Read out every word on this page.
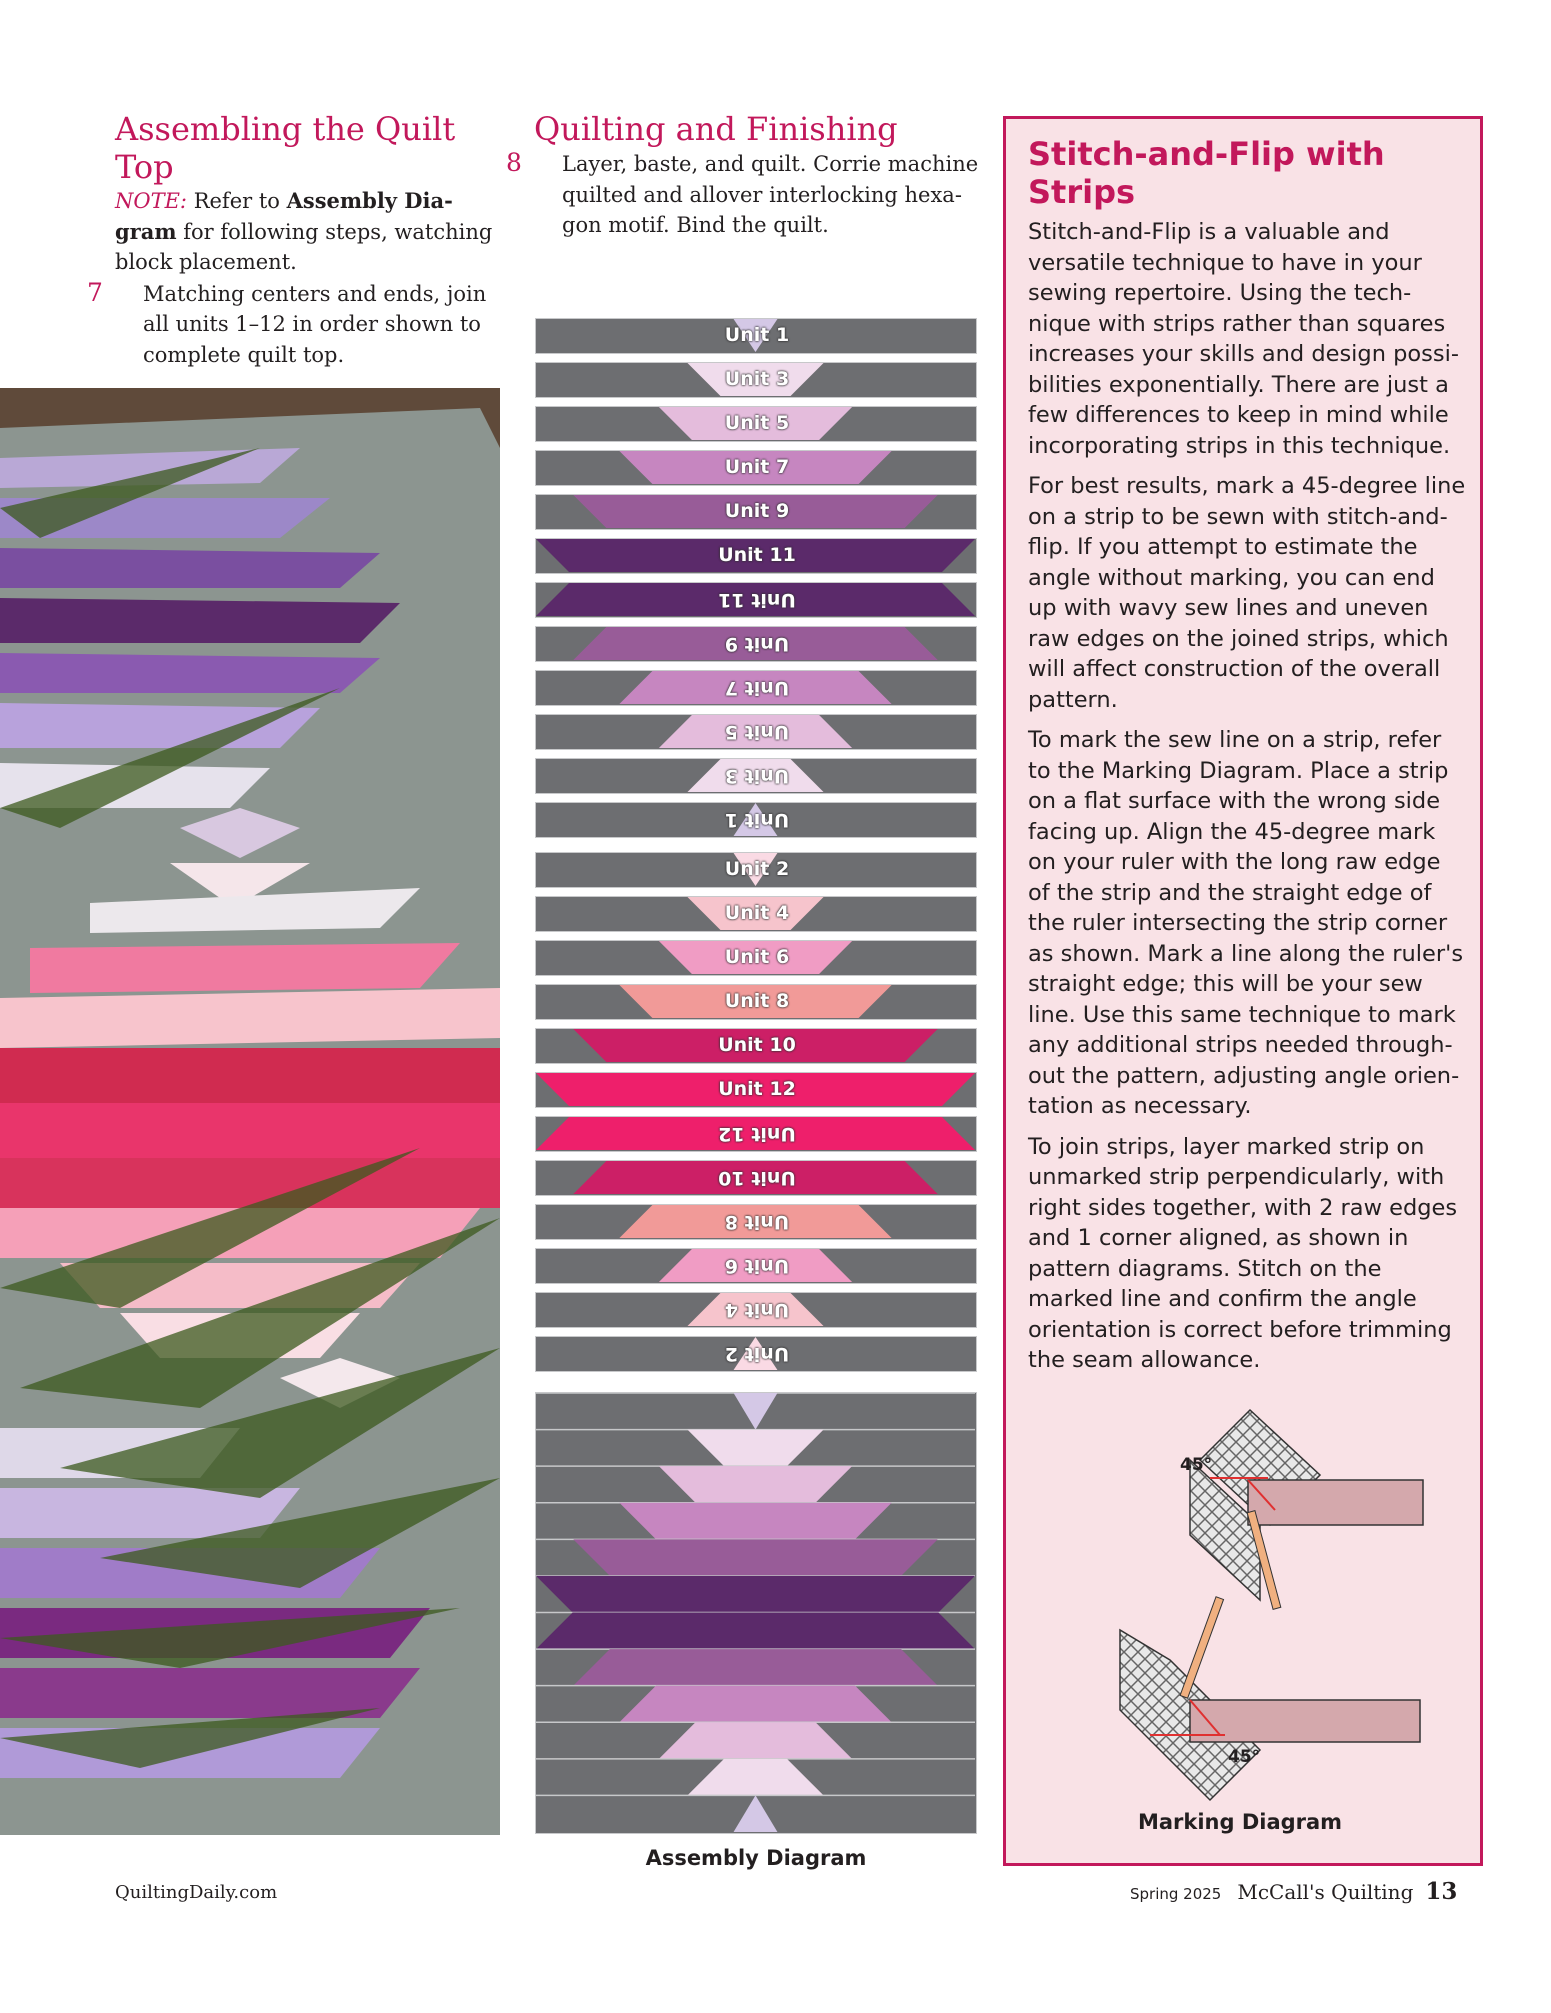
Assembling the Quilt Top
NOTE: Refer to Assembly Diagram for following steps, watching block placement.
7 Matching centers and ends, join all units 1–12 in order shown to complete quilt top.
Quilting and Finishing
8 Layer, baste, and quilt. Corrie machine quilted and allover interlocking hexagon motif. Bind the quilt.
Unit 1
Unit 3
Unit 5
Unit 7
Unit 9
Unit 11
Unit 11
Unit 9
Unit 7
Unit 5
Unit 3
Unit 1
Unit 2
Unit 4
Unit 6
Unit 8
Unit 10
Unit 12
Unit 12
Unit 10
Unit 8
Unit 6
Unit 4
Unit 2
Assembly Diagram
Stitch-and-Flip with Strips

Stitch-and-Flip is a valuable and versatile technique to have in your sewing repertoire. Using the technique with strips rather than squares increases your skills and design possibilities exponentially. There are just a few differences to keep in mind while incorporating strips in this technique.

For best results, mark a 45-degree line on a strip to be sewn with stitch-and-flip. If you attempt to estimate the angle without marking, you can end up with wavy sew lines and uneven raw edges on the joined strips, which will affect construction of the overall pattern.

To mark the sew line on a strip, refer to the Marking Diagram. Place a strip on a flat surface with the wrong side facing up. Align the 45-degree mark on your ruler with the long raw edge of the strip and the straight edge of the ruler intersecting the strip corner as shown. Mark a line along the ruler's straight edge; this will be your sew line. Use this same technique to mark any additional strips needed throughout the pattern, adjusting angle orientation as necessary.

To join strips, layer marked strip on unmarked strip perpendicularly, with right sides together, with 2 raw edges and 1 corner aligned, as shown in pattern diagrams. Stitch on the marked line and confirm the angle orientation is correct before trimming the seam allowance.

45°
45°
Marking Diagram
QuiltingDaily.com	Spring 2025 McCall's Quilting 13
